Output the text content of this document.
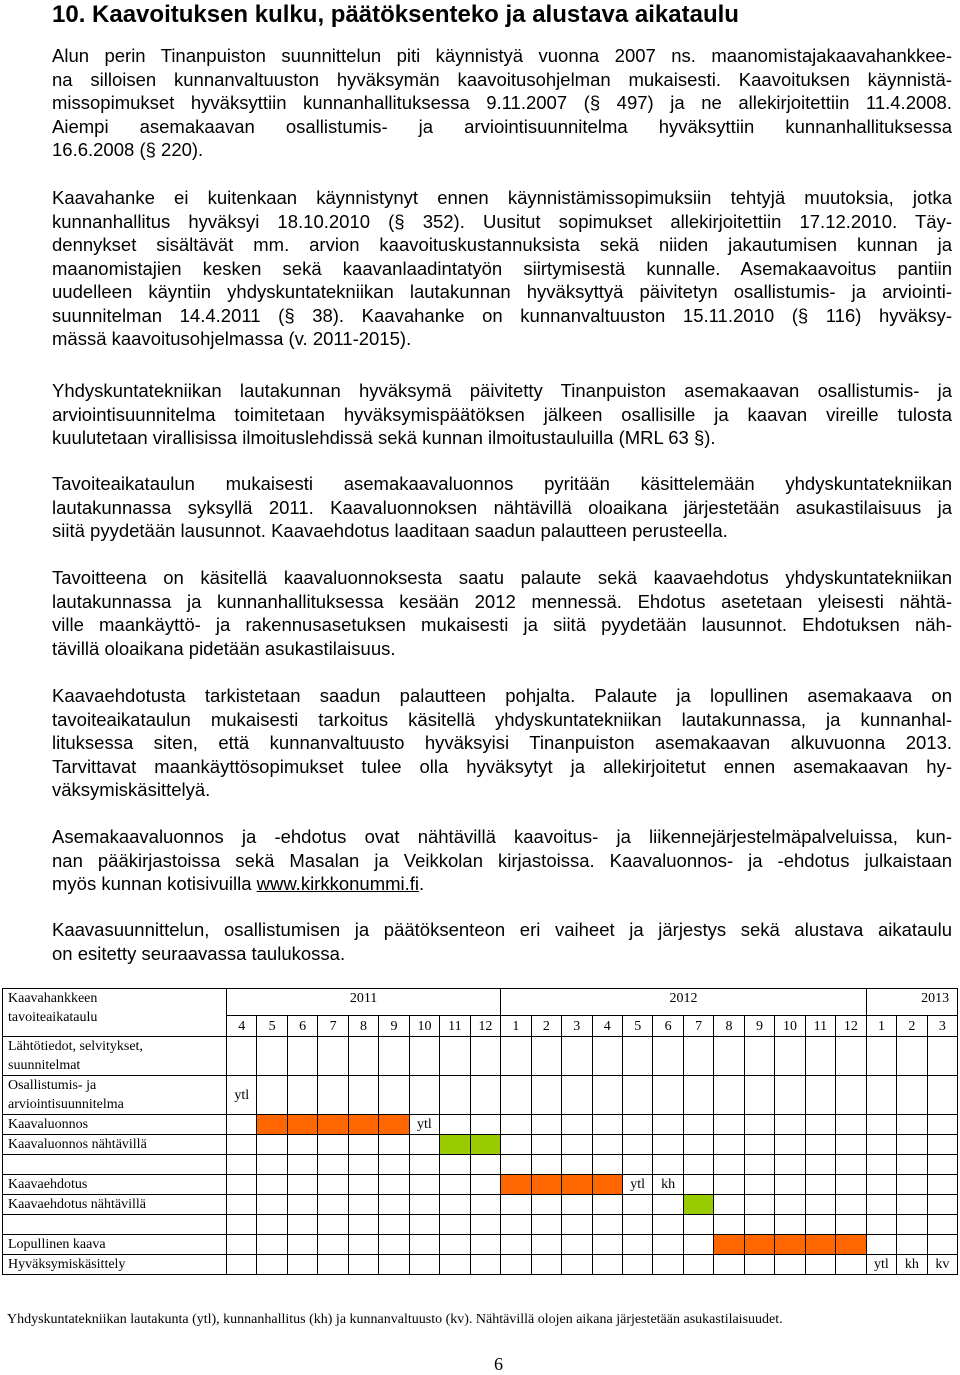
10. Kaavoituksen kulku, päätöksenteko ja alustava aikataulu
Alun perin Tinanpuiston suunnittelun piti käynnistyä vuonna 2007 ns. maanomistajakaavahankkee-
na silloisen kunnanvaltuuston hyväksymän kaavoitusohjelman mukaisesti. Kaavoituksen käynnistä-
missopimukset hyväksyttiin kunnanhallituksessa 9.11.2007 (§ 497) ja ne allekirjoitettiin 11.4.2008.
Aiempi asemakaavan osallistumis- ja arviointisuunnitelma hyväksyttiin kunnanhallituksessa
16.6.2008 (§ 220).
Kaavahanke ei kuitenkaan käynnistynyt ennen käynnistämissopimuksiin tehtyjä muutoksia, jotka
kunnanhallitus hyväksyi 18.10.2010 (§ 352). Uusitut sopimukset allekirjoitettiin 17.12.2010. Täy-
dennykset sisältävät mm. arvion kaavoituskustannuksista sekä niiden jakautumisen kunnan ja
maanomistajien kesken sekä kaavanlaadintatyön siirtymisestä kunnalle. Asemakaavoitus pantiin
uudelleen käyntiin yhdyskuntatekniikan lautakunnan hyväksyttyä päivitetyn osallistumis- ja arviointi-
suunnitelman 14.4.2011 (§ 38). Kaavahanke on kunnanvaltuuston 15.11.2010 (§ 116) hyväksy-
mässä kaavoitusohjelmassa (v. 2011-2015).
Yhdyskuntatekniikan lautakunnan hyväksymä päivitetty Tinanpuiston asemakaavan osallistumis- ja
arviointisuunnitelma toimitetaan hyväksymispäätöksen jälkeen osallisille ja kaavan vireille tulosta
kuulutetaan virallisissa ilmoituslehdissä sekä kunnan ilmoitustauluilla (MRL 63 §).
Tavoiteaikataulun mukaisesti asemakaavaluonnos pyritään käsittelemään yhdyskuntatekniikan
lautakunnassa syksyllä 2011. Kaavaluonnoksen nähtävillä oloaikana järjestetään asukastilaisuus ja
siitä pyydetään lausunnot. Kaavaehdotus laaditaan saadun palautteen perusteella.
Tavoitteena on käsitellä kaavaluonnoksesta saatu palaute sekä kaavaehdotus yhdyskuntatekniikan
lautakunnassa ja kunnanhallituksessa kesään 2012 mennessä. Ehdotus asetetaan yleisesti nähtä-
ville maankäyttö- ja rakennusasetuksen mukaisesti ja siitä pyydetään lausunnot. Ehdotuksen näh-
tävillä oloaikana pidetään asukastilaisuus.
Kaavaehdotusta tarkistetaan saadun palautteen pohjalta. Palaute ja lopullinen asemakaava on
tavoiteaikataulun mukaisesti tarkoitus käsitellä yhdyskuntatekniikan lautakunnassa, ja kunnanhal-
lituksessa siten, että kunnanvaltuusto hyväksyisi Tinanpuiston asemakaavan alkuvuonna 2013.
Tarvittavat maankäyttösopimukset tulee olla hyväksytyt ja allekirjoitetut ennen asemakaavan hy-
väksymiskäsittelyä.
Asemakaavaluonnos ja -ehdotus ovat nähtävillä kaavoitus- ja liikennejärjestelmäpalveluissa, kun-
nan pääkirjastoissa sekä Masalan ja Veikkolan kirjastoissa. Kaavaluonnos- ja -ehdotus julkaistaan
myös kunnan kotisivuilla www.kirkkonummi.fi.
Kaavasuunnittelun, osallistumisen ja päätöksenteon eri vaiheet ja järjestys sekä alustava aikataulu
on esitetty seuraavassa taulukossa.
Kaavahankkeen
tavoiteaikataulu	2011									2012												2013		
	4	5	6	7	8	9	10	11	12	1	2	3	4	5	6	7	8	9	10	11	12	1	2	3

Lähtötiedot, selvitykset,
suunnitelmat																								

Osallistumis- ja
arviointisuunnitelma	ytl																							

Kaavaluonnos							ytl																	

Kaavaluonnos nähtävillä																								

Kaavaehdotus														ytl	kh									

Kaavaehdotus nähtävillä																								

Lopullinen kaava																								

Hyväksymiskäsittely																						ytl	kh	kv
Yhdyskuntatekniikan lautakunta (ytl), kunnanhallitus (kh) ja kunnanvaltuusto (kv). Nähtävillä olojen aikana järjestetään asukastilaisuudet.
6
